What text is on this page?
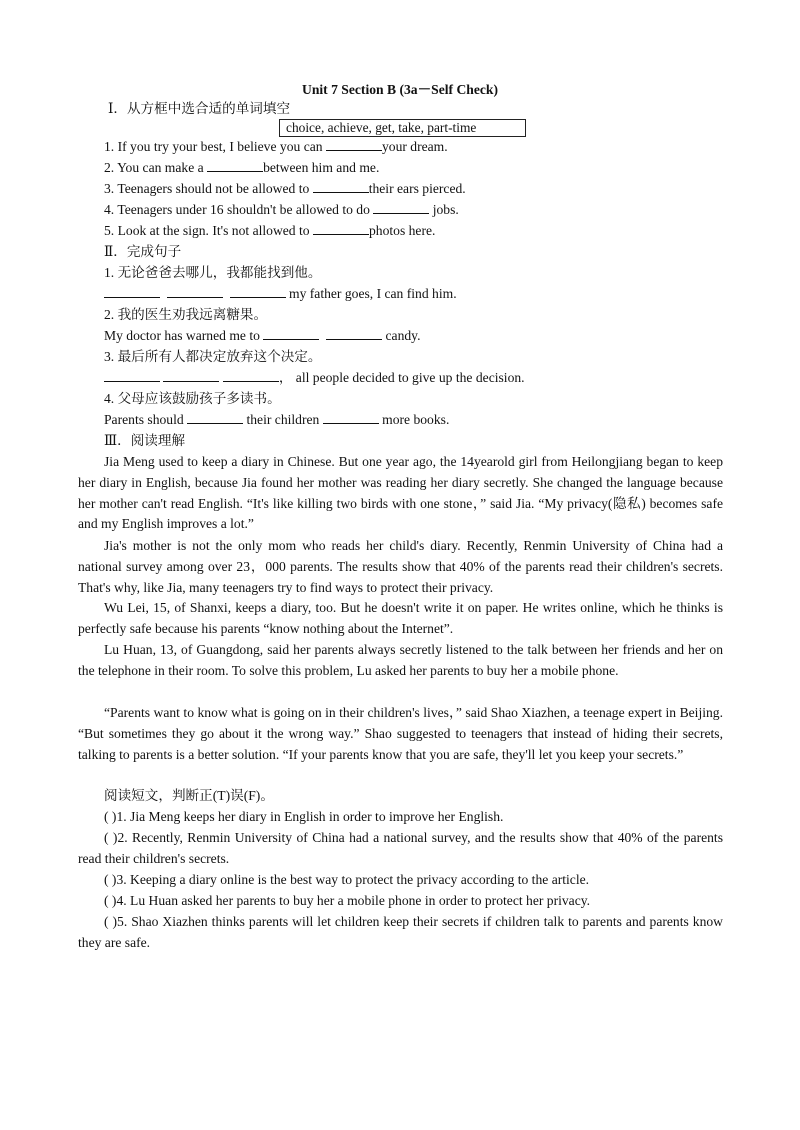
Unit 7 Section B (3a－Self Check)
Ⅰ．从方框中选合适的单词填空
choice, achieve, get, take, part-time
1. If you try your best, I believe you can	your dream.
2. You can make a	between him and me.
3. Teenagers should not be allowed to	their ears pierced.
4. Teenagers under 16 shouldn't be allowed to do	jobs.
5. Look at the sign. It's not allowed to	photos here.
Ⅱ．完成句子
1. 无论爸爸去哪儿，我都能找到他。
my father goes, I can find him.
2. 我的医生劝我远离糖果。
My doctor has warned me to	candy.
3. 最后所有人都决定放弃这个决定。
， all people decided to give up the decision.
4. 父母应该鼓励孩子多读书。
Parents should	their children	more books.
Ⅲ．阅读理解
Jia Meng used to keep a diary in Chinese. But one year ago, the 14yearold girl from Heilongjiang began to keep her diary in English, because Jia found her mother was reading her diary secretly. She changed the language because her mother can't read English. “It's like killing two birds with one stone，” said Jia. “My privacy(隐私) becomes safe and my English improves a lot.”
Jia's mother is not the only mom who reads her child's diary. Recently, Renmin University of China had a national survey among over 23，000 parents. The results show that 40% of the parents read their children's secrets. That's why, like Jia, many teenagers try to find ways to protect their privacy.
Wu Lei, 15, of Shanxi, keeps a diary, too. But he doesn't write it on paper. He writes online, which he thinks is perfectly safe because his parents “know nothing about the Internet”.
Lu Huan, 13, of Guangdong, said her parents always secretly listened to the talk between her friends and her on the telephone in their room. To solve this problem, Lu asked her parents to buy her a mobile phone.
“Parents want to know what is going on in their children's lives，” said Shao Xiazhen, a teenage expert in Beijing. “But sometimes they go about it the wrong way.” Shao suggested to teenagers that instead of hiding their secrets, talking to parents is a better solution. “If your parents know that you are safe, they'll let you keep your secrets.”
阅读短文，判断正(T)误(F)。
( )1. Jia Meng keeps her diary in English in order to improve her English.
( )2. Recently, Renmin University of China had a national survey, and the results show that 40% of the parents read their children's secrets.
( )3. Keeping a diary online is the best way to protect the privacy according to the article.
( )4. Lu Huan asked her parents to buy her a mobile phone in order to protect her privacy.
( )5. Shao Xiazhen thinks parents will let children keep their secrets if children talk to parents and parents know they are safe.
